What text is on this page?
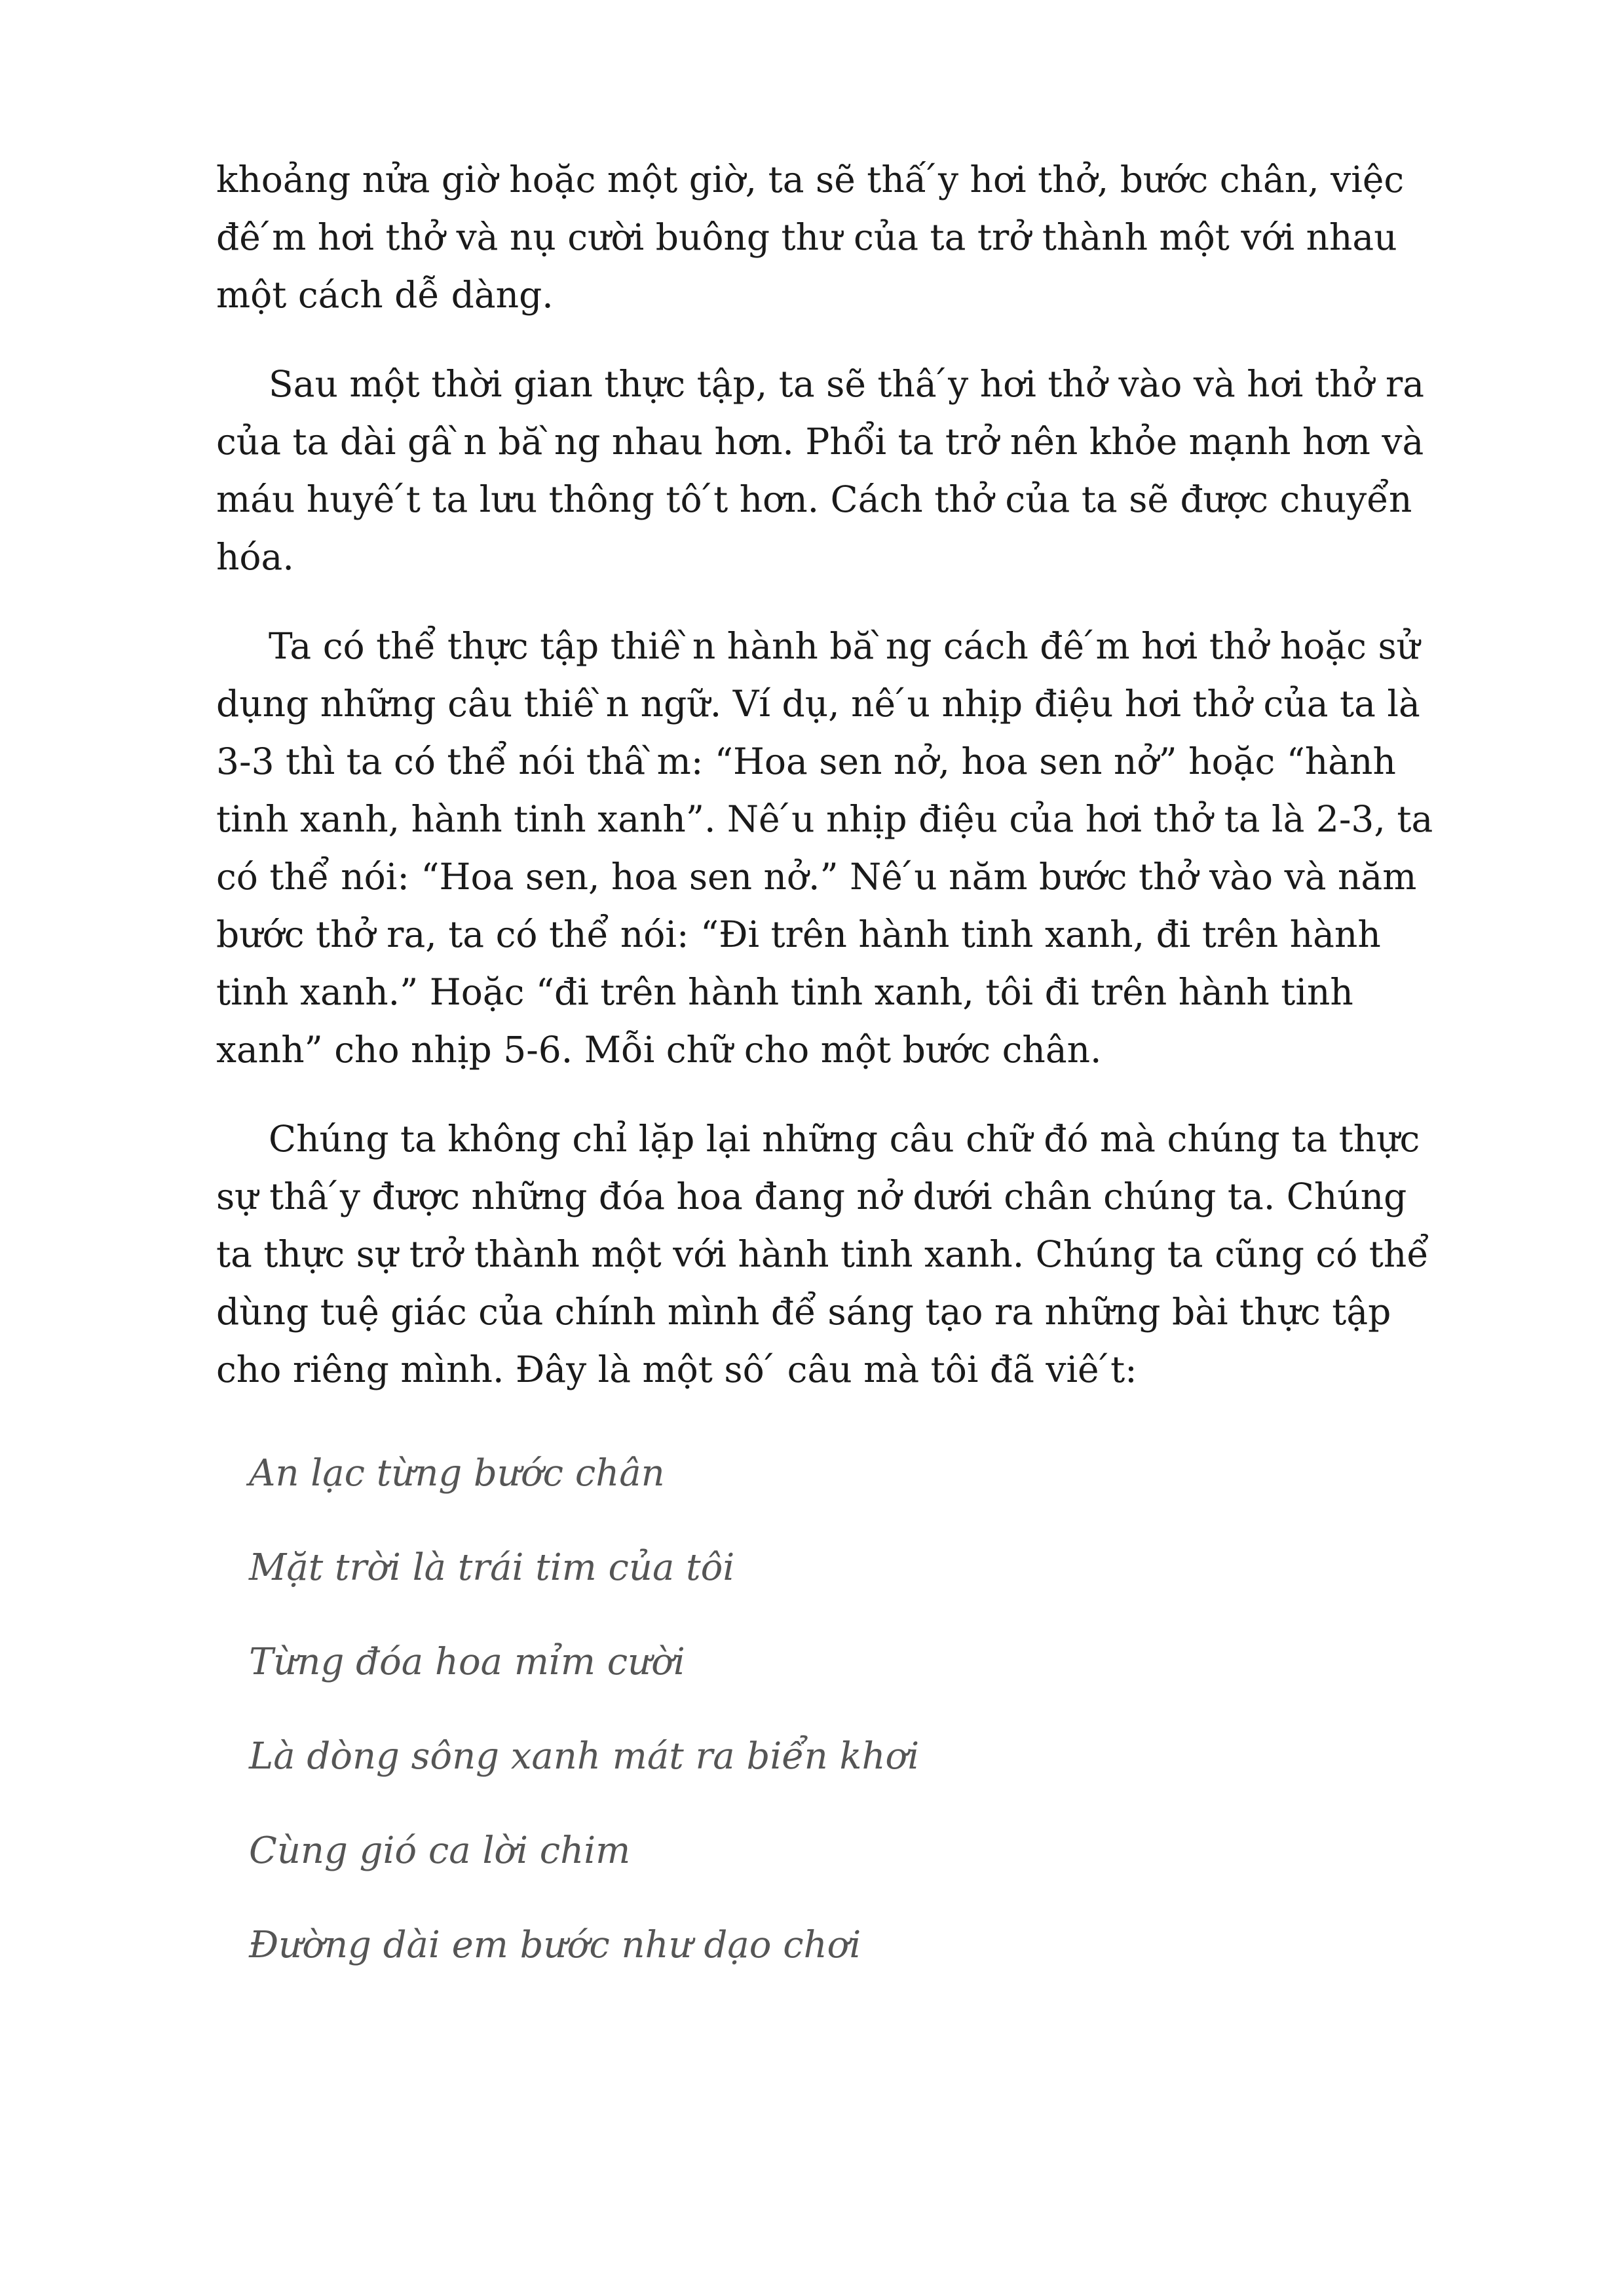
khoảng nửa giờ hoặc một giờ, ta sẽ thấ ́y hơi thở, bước chân, việc đê ́m hơi thở và nụ cười buông thư của ta trở thành một với nhau một cách dễ dàng.

Sau một thời gian thực tập, ta sẽ thâ ́y hơi thở vào và hơi thở ra của ta dài gâ ̀n bă ̀ng nhau hơn. Phổi ta trở nên khỏe mạnh hơn và máu huyê ́t ta lưu thông tô ́t hơn. Cách thở của ta sẽ được chuyển hóa.

Ta có thể thực tập thiê ̀n hành bă ̀ng cách đê ́m hơi thở hoặc sử dụng những câu thiê ̀n ngữ. Ví dụ, nê ́u nhịp điệu hơi thở của ta là 3-3 thì ta có thể nói thâ ̀m: “Hoa sen nở, hoa sen nở” hoặc “hành tinh xanh, hành tinh xanh”. Nê ́u nhịp điệu của hơi thở ta là 2-3, ta có thể nói: “Hoa sen, hoa sen nở.” Nê ́u năm bước thở vào và năm bước thở ra, ta có thể nói: “Đi trên hành tinh xanh, đi trên hành tinh xanh.” Hoặc “đi trên hành tinh xanh, tôi đi trên hành tinh xanh” cho nhịp 5-6. Mỗi chữ cho một bước chân.

Chúng ta không chỉ lặp lại những câu chữ đó mà chúng ta thực sự thâ ́y được những đóa hoa đang nở dưới chân chúng ta. Chúng ta thực sự trở thành một với hành tinh xanh. Chúng ta cũng có thể dùng tuệ giác của chính mình để sáng tạo ra những bài thực tập cho riêng mình. Đây là một sô ́ câu mà tôi đã viê ́t:

An lạc từng bước chân

Mặt trời là trái tim của tôi

Từng đóa hoa mỉm cười

Là dòng sông xanh mát ra biển khơi

Cùng gió ca lời chim

Đường dài em bước như dạo chơi
